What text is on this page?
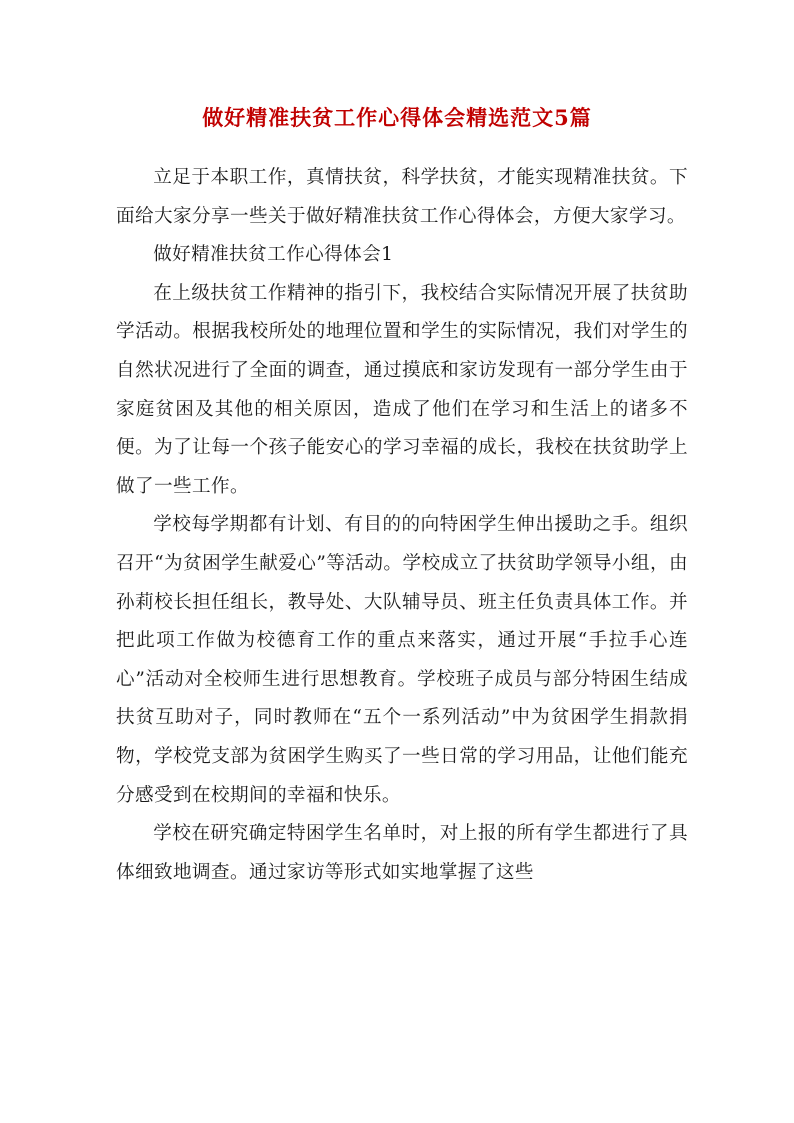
做好精准扶贫工作心得体会精选范文5篇

立足于本职工作，真情扶贫，科学扶贫，才能实现精准扶贫。下面给大家分享一些关于做好精准扶贫工作心得体会，方便大家学习。

做好精准扶贫工作心得体会1

在上级扶贫工作精神的指引下，我校结合实际情况开展了扶贫助学活动。根据我校所处的地理位置和学生的实际情况，我们对学生的自然状况进行了全面的调查，通过摸底和家访发现有一部分学生由于家庭贫困及其他的相关原因，造成了他们在学习和生活上的诸多不便。为了让每一个孩子能安心的学习幸福的成长，我校在扶贫助学上做了一些工作。

学校每学期都有计划、有目的的向特困学生伸出援助之手。组织召开“为贫困学生献爱心”等活动。学校成立了扶贫助学领导小组，由孙莉校长担任组长，教导处、大队辅导员、班主任负责具体工作。并把此项工作做为校德育工作的重点来落实，通过开展“手拉手心连心”活动对全校师生进行思想教育。学校班子成员与部分特困生结成扶贫互助对子，同时教师在“五个一系列活动”中为贫困学生捐款捐物，学校党支部为贫困学生购买了一些日常的学习用品，让他们能充分感受到在校期间的幸福和快乐。

学校在研究确定特困学生名单时，对上报的所有学生都进行了具体细致地调查。通过家访等形式如实地掌握了这些
